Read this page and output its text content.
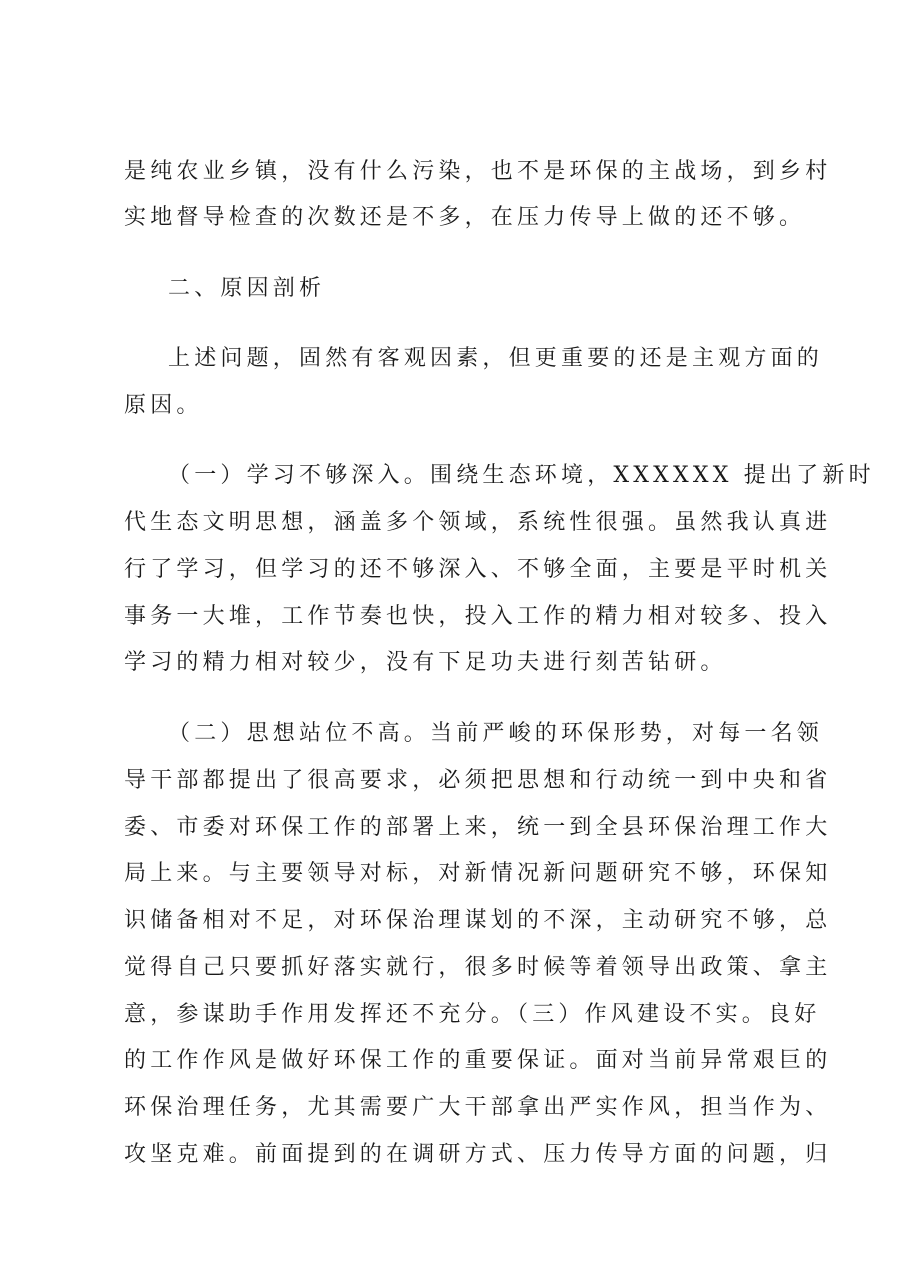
是纯农业乡镇，没有什么污染，也不是环保的主战场，到乡村
实地督导检查的次数还是不多，在压力传导上做的还不够。
二、原因剖析
上述问题，固然有客观因素，但更重要的还是主观方面的
原因。
（一）学习不够深入。围绕生态环境，XXXXXX 提出了新时
代生态文明思想，涵盖多个领域，系统性很强。虽然我认真进
行了学习，但学习的还不够深入、不够全面，主要是平时机关
事务一大堆，工作节奏也快，投入工作的精力相对较多、投入
学习的精力相对较少，没有下足功夫进行刻苦钻研。
（二）思想站位不高。当前严峻的环保形势，对每一名领
导干部都提出了很高要求，必须把思想和行动统一到中央和省
委、市委对环保工作的部署上来，统一到全县环保治理工作大
局上来。与主要领导对标，对新情况新问题研究不够，环保知
识储备相对不足，对环保治理谋划的不深，主动研究不够，总
觉得自己只要抓好落实就行，很多时候等着领导出政策、拿主
意，参谋助手作用发挥还不充分。（三）作风建设不实。良好
的工作作风是做好环保工作的重要保证。面对当前异常艰巨的
环保治理任务，尤其需要广大干部拿出严实作风，担当作为、
攻坚克难。前面提到的在调研方式、压力传导方面的问题，归
